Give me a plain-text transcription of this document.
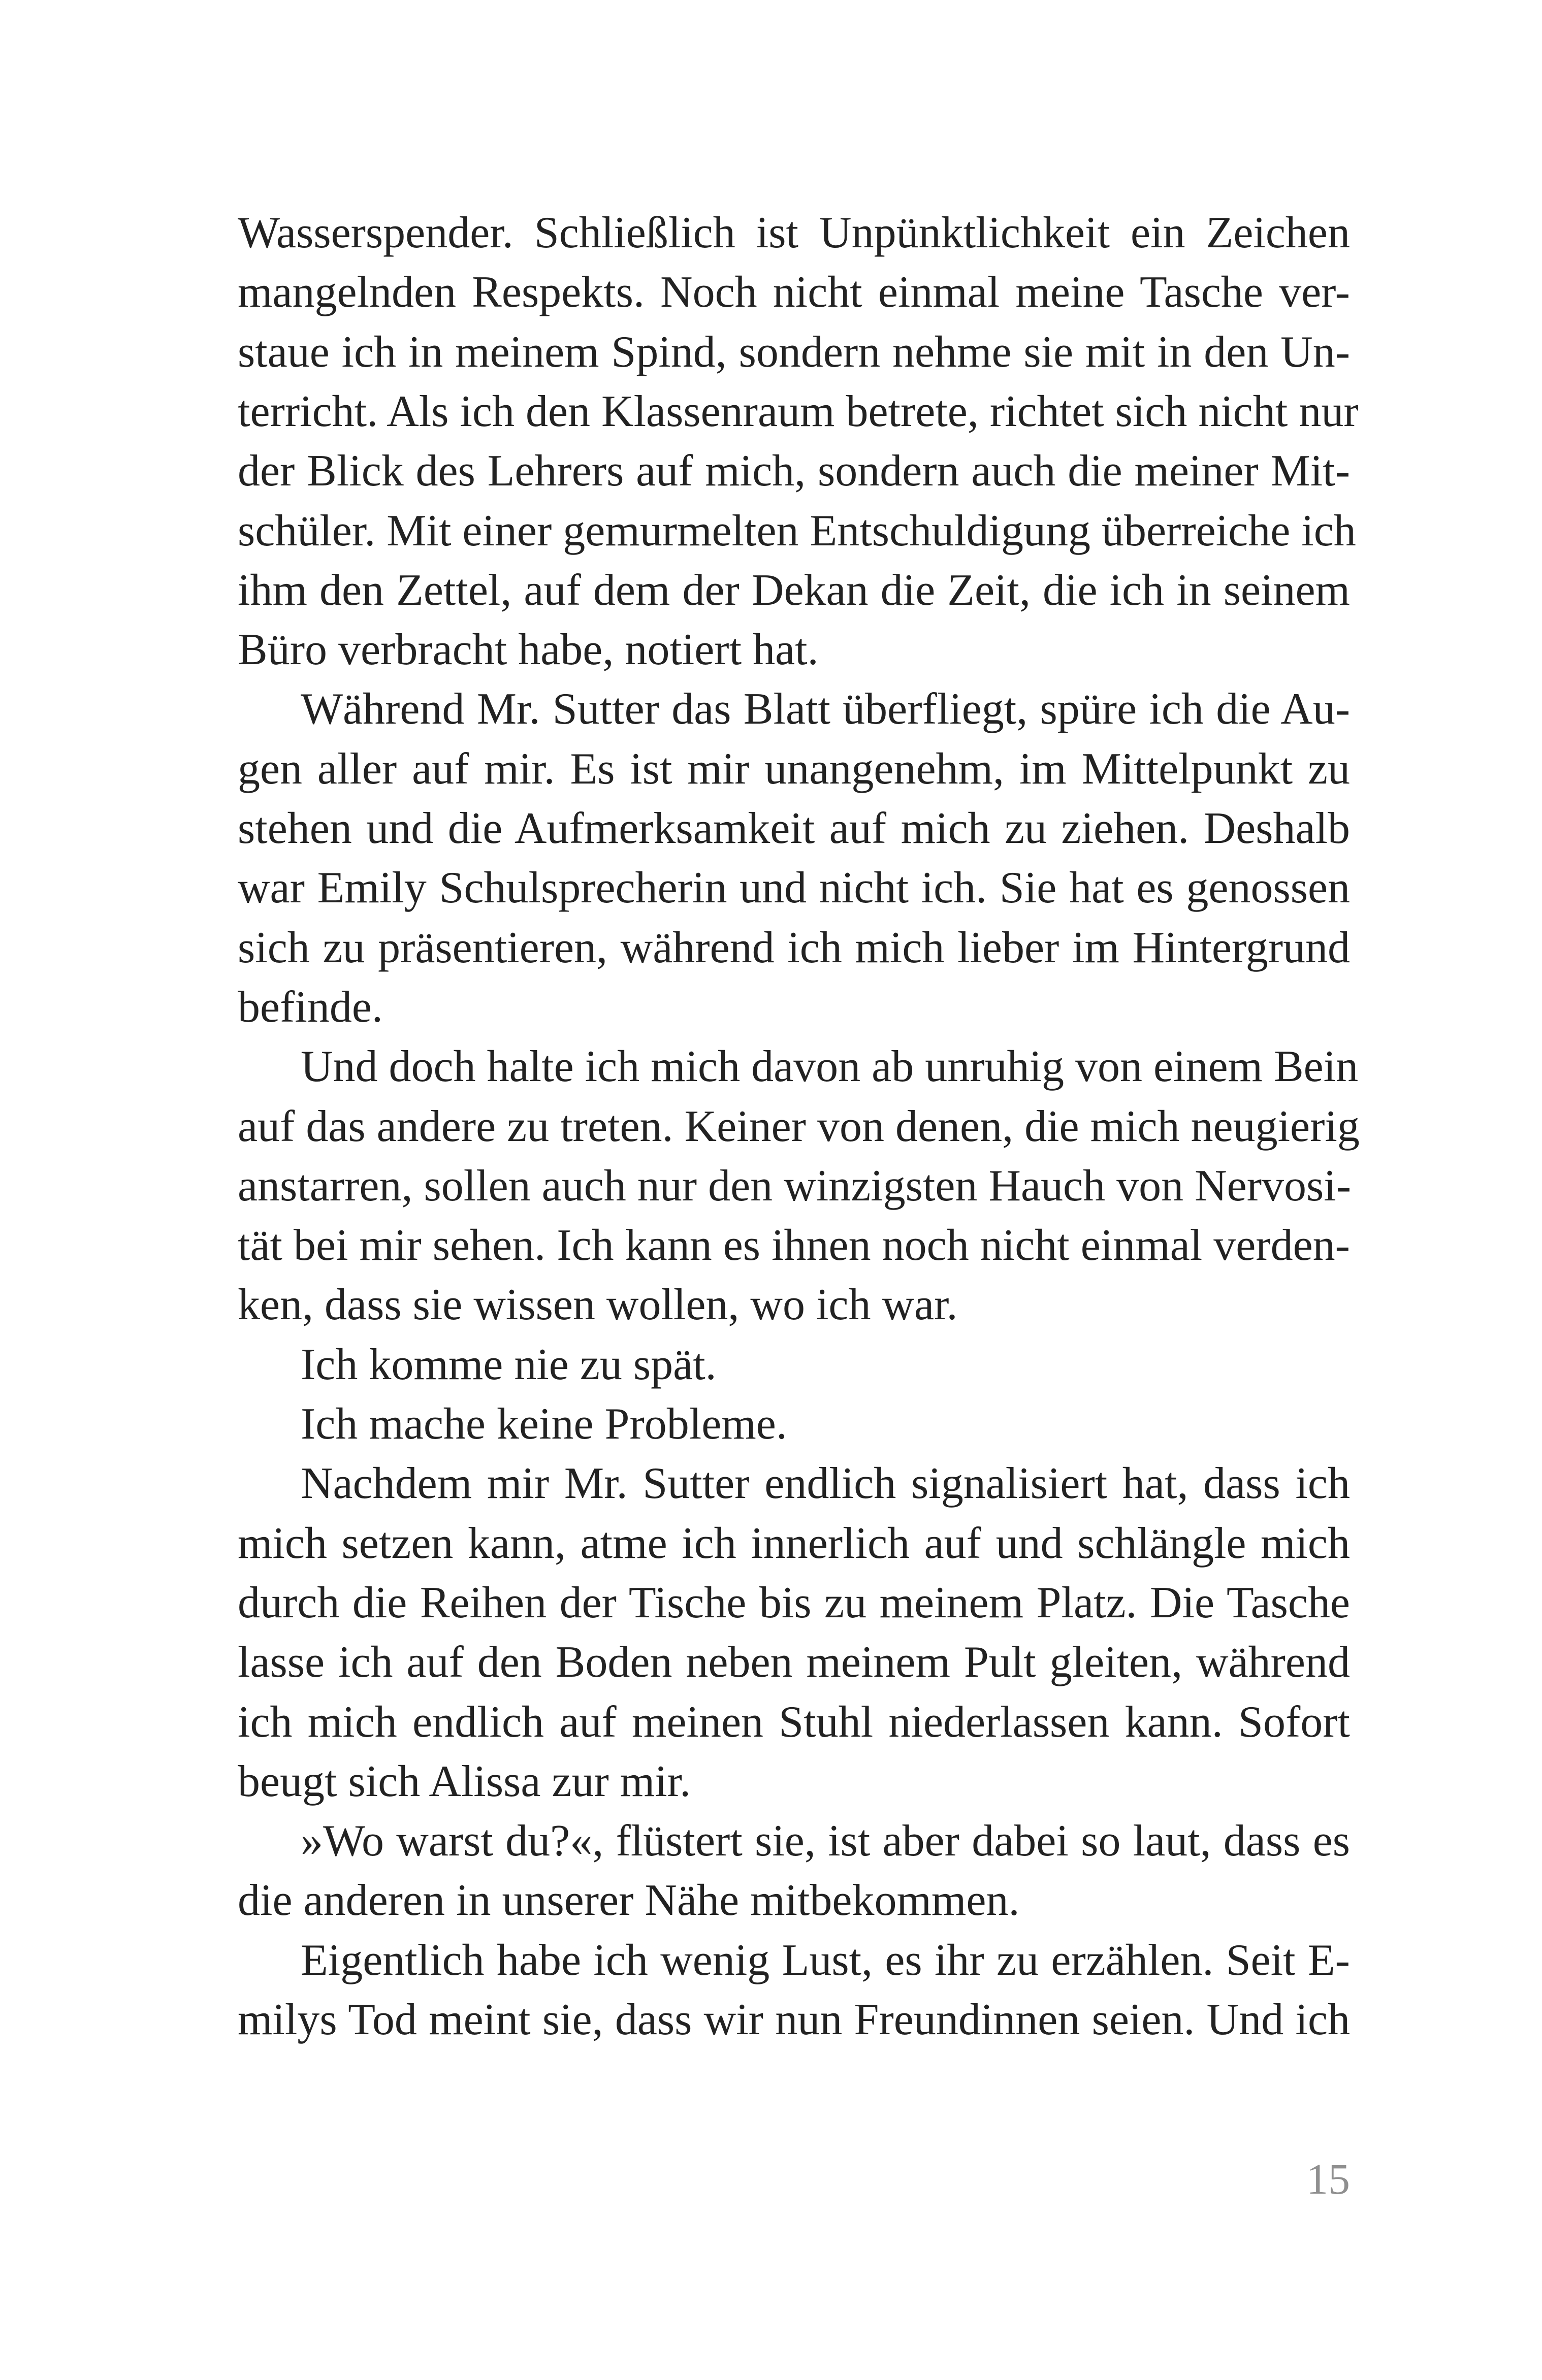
Wasserspender. Schließlich ist Unpünktlichkeit ein Zeichen
mangelnden Respekts. Noch nicht einmal meine Tasche ver-
staue ich in meinem Spind, sondern nehme sie mit in den Un-
terricht. Als ich den Klassenraum betrete, richtet sich nicht nur
der Blick des Lehrers auf mich, sondern auch die meiner Mit-
schüler. Mit einer gemurmelten Entschuldigung überreiche ich
ihm den Zettel, auf dem der Dekan die Zeit, die ich in seinem
Büro verbracht habe, notiert hat.
Während Mr. Sutter das Blatt überfliegt, spüre ich die Au-
gen aller auf mir. Es ist mir unangenehm, im Mittelpunkt zu
stehen und die Aufmerksamkeit auf mich zu ziehen. Deshalb
war Emily Schulsprecherin und nicht ich. Sie hat es genossen
sich zu präsentieren, während ich mich lieber im Hintergrund
befinde.
Und doch halte ich mich davon ab unruhig von einem Bein
auf das andere zu treten. Keiner von denen, die mich neugierig
anstarren, sollen auch nur den winzigsten Hauch von Nervosi-
tät bei mir sehen. Ich kann es ihnen noch nicht einmal verden-
ken, dass sie wissen wollen, wo ich war.
Ich komme nie zu spät.
Ich mache keine Probleme.
Nachdem mir Mr. Sutter endlich signalisiert hat, dass ich
mich setzen kann, atme ich innerlich auf und schlängle mich
durch die Reihen der Tische bis zu meinem Platz. Die Tasche
lasse ich auf den Boden neben meinem Pult gleiten, während
ich mich endlich auf meinen Stuhl niederlassen kann. Sofort
beugt sich Alissa zur mir.
»Wo warst du?«, flüstert sie, ist aber dabei so laut, dass es
die anderen in unserer Nähe mitbekommen.
Eigentlich habe ich wenig Lust, es ihr zu erzählen. Seit E-
milys Tod meint sie, dass wir nun Freundinnen seien. Und ich
15
